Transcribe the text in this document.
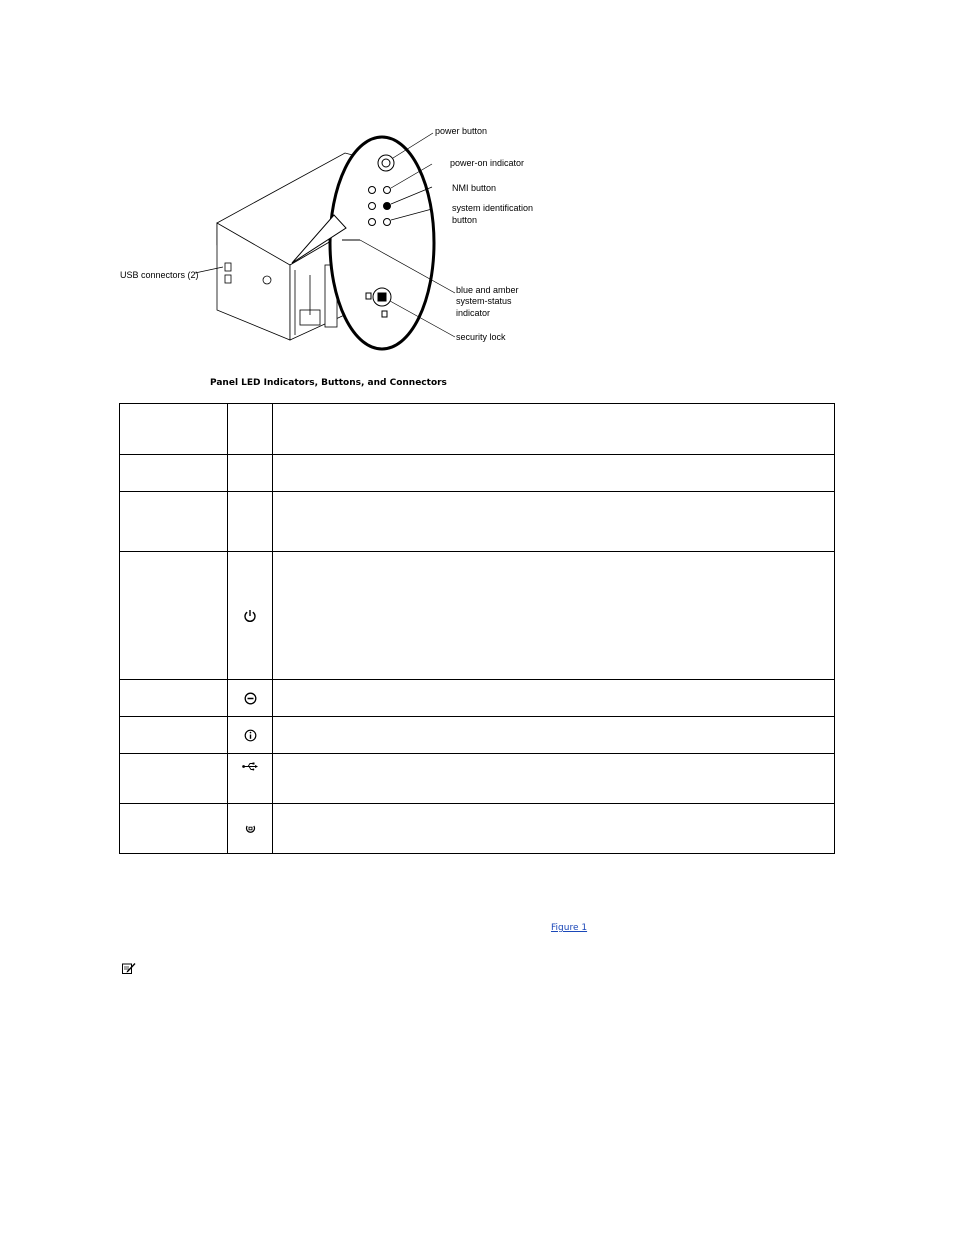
power button
power-on indicator
NMI button
system identification
button
USB connectors (2)
blue and amber
system-status
indicator
security lock
Panel LED Indicators, Buttons, and Connectors

Figure 1
